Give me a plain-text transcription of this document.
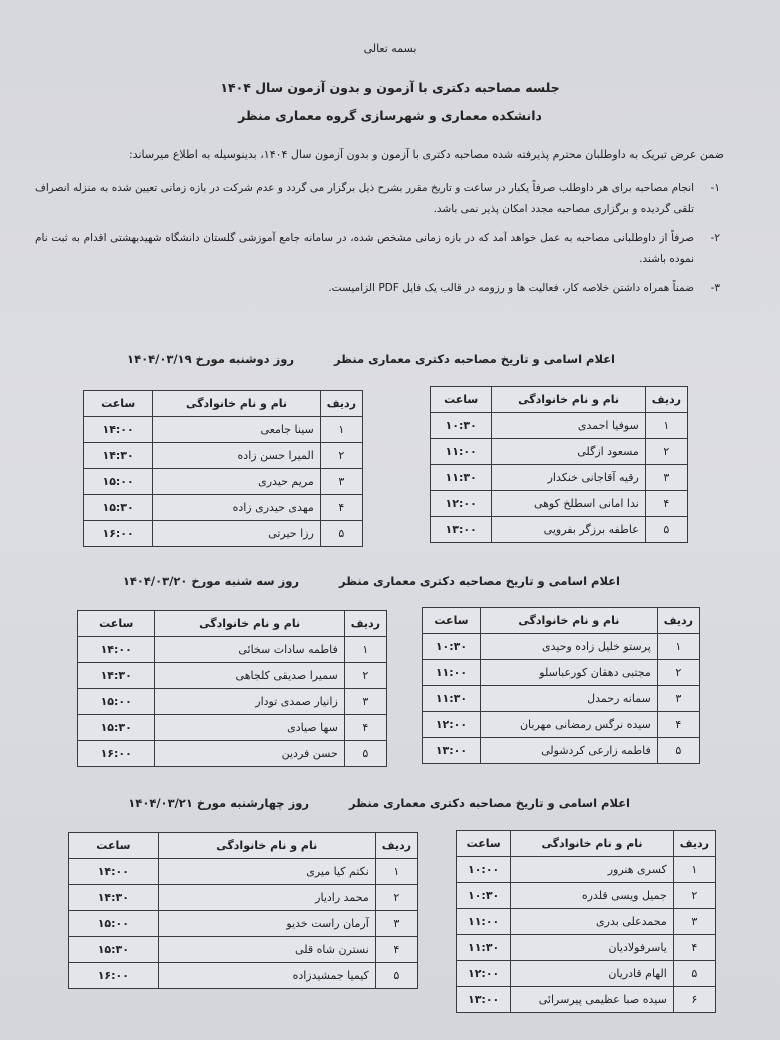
بسمه تعالی
جلسه مصاحبه دکتری با آزمون و بدون آزمون سال ۱۴۰۴
دانشکده معماری و شهرسازی گروه معماری منظر
ضمن عرض تبریک به داوطلبان محترم پذیرفته شده مصاحبه دکتری با آزمون و بدون آزمون سال ۱۴۰۴، بدینوسیله به اطلاع میرساند:
۱-
انجام مصاحبه برای هر داوطلب صرفاً یکبار در ساعت و تاریخ مقرر بشرح ذیل برگزار می گردد و عدم شرکت در بازه زمانی تعیین شده به منزله انصراف تلقی گردیده و برگزاری مصاحبه مجدد امکان پذیر نمی باشد.
۲-
صرفاً از داوطلبانی مصاحبه به عمل خواهد آمد که در بازه زمانی مشخص شده، در سامانه جامع آموزشی گلستان دانشگاه شهیدبهشتی اقدام به ثبت نام نموده باشند.
۳-
ضمناً همراه داشتن خلاصه کار، فعالیت ها و رزومه در قالب یک فایل PDF الزامیست.
اعلام اسامی و تاریخ مصاحبه دکتری معماری منظر روز دوشنبه مورخ ۱۴۰۴/۰۳/۱۹
ردیف	نام و نام خانوادگی	ساعت
۱	سوفیا احمدی	۱۰:۳۰
۲	مسعود ازگلی	۱۱:۰۰
۳	رقیه آقاجانی خنکدار	۱۱:۳۰
۴	ندا امانی اسطلخ کوهی	۱۲:۰۰
۵	عاطفه برزگر بفرویی	۱۳:۰۰
ردیف	نام و نام خانوادگی	ساعت
۱	سینا جامعی	۱۴:۰۰
۲	المیرا حسن زاده	۱۴:۳۰
۳	مریم حیدری	۱۵:۰۰
۴	مهدی حیدری زاده	۱۵:۳۰
۵	رزا حیرتی	۱۶:۰۰
اعلام اسامی و تاریخ مصاحبه دکتری معماری منظر روز سه شنبه مورخ ۱۴۰۴/۰۳/۲۰
ردیف	نام و نام خانوادگی	ساعت
۱	پرستو خلیل زاده وحیدی	۱۰:۳۰
۲	مجتبی دهقان کورعباسلو	۱۱:۰۰
۳	سمانه رحمدل	۱۱:۳۰
۴	سیده نرگس رمضانی مهربان	۱۲:۰۰
۵	فاطمه زارعی کردشولی	۱۳:۰۰
ردیف	نام و نام خانوادگی	ساعت
۱	فاطمه سادات سخائی	۱۴:۰۰
۲	سمیرا صدیقی کلجاهی	۱۴:۳۰
۳	زانیار صمدی تودار	۱۵:۰۰
۴	سها صیادی	۱۵:۳۰
۵	حسن فردین	۱۶:۰۰
اعلام اسامی و تاریخ مصاحبه دکتری معماری منظر روز چهارشنبه مورخ ۱۴۰۴/۰۳/۲۱
ردیف	نام و نام خانوادگی	ساعت
۱	کسری هنرور	۱۰:۰۰
۲	جمیل ویسی قلدره	۱۰:۳۰
۳	محمدعلی بدری	۱۱:۰۰
۴	یاسرفولادیان	۱۱:۳۰
۵	الهام قادریان	۱۲:۰۰
۶	سیده صبا عظیمی پیرسرائی	۱۳:۰۰
ردیف	نام و نام خانوادگی	ساعت
۱	نکتم کیا میری	۱۴:۰۰
۲	محمد رادیار	۱۴:۳۰
۳	آرمان راست خدیو	۱۵:۰۰
۴	نسترن شاه قلی	۱۵:۳۰
۵	کیمیا جمشیدزاده	۱۶:۰۰
